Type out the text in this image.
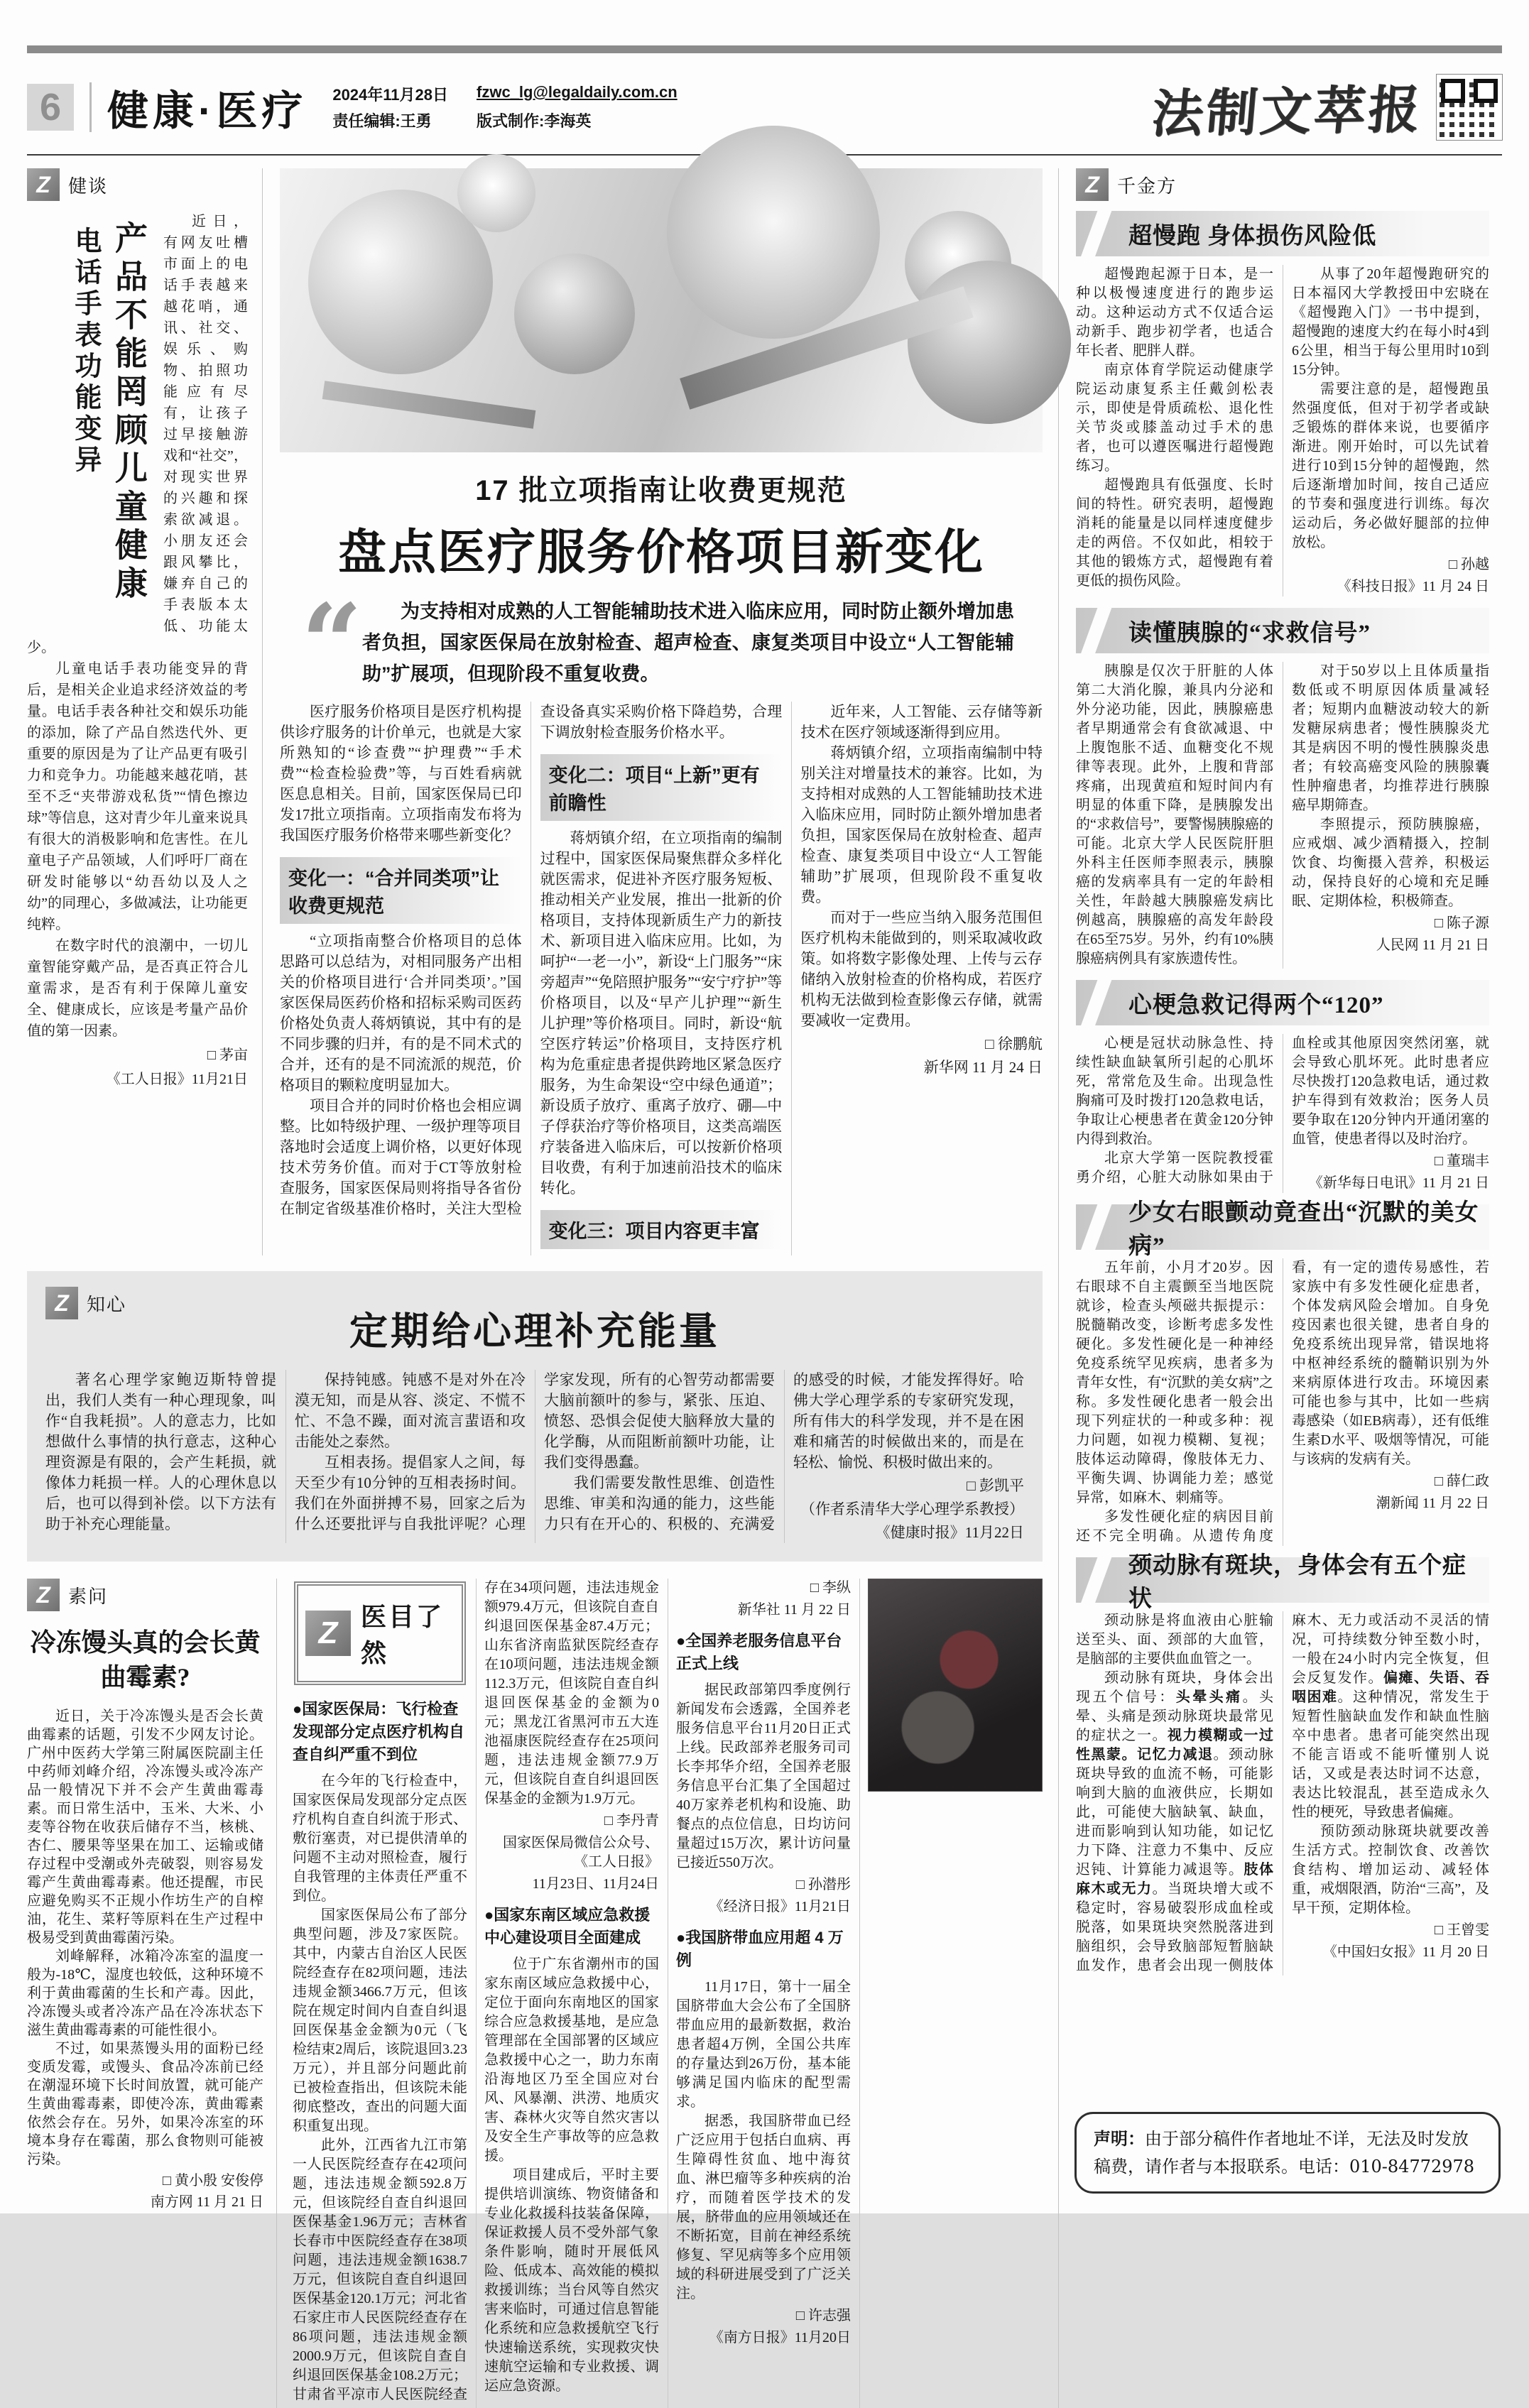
6	健康·医疗 2024年11月28日 fzwc_lg@legaldaily.com.cn
责任编辑:王勇	版式制作:李海英	法制文萃报
Z 健谈
产品不能罔顾儿童健康
电话手表功能变异

近日，有网友吐槽市面上的电话手表越来越花哨，通讯、社交、娱乐、购物、拍照功能应有尽有，让孩子过早接触游戏和“社交”，对现实世界的兴趣和探索欲减退。小朋友还会跟风攀比，嫌弃自己的手表版本太低、功能太少。

儿童电话手表功能变异的背后，是相关企业追求经济效益的考量。电话手表各种社交和娱乐功能的添加，除了产品自然迭代外、更重要的原因是为了让产品更有吸引力和竞争力。功能越来越花哨，甚至不乏“夹带游戏私货”“情色擦边球”等信息，这对青少年儿童来说具有很大的消极影响和危害性。在儿童电子产品领域，人们呼吁厂商在研发时能够以“幼吾幼以及人之幼”的同理心，多做减法，让功能更纯粹。

在数字时代的浪潮中，一切儿童智能穿戴产品，是否真正符合儿童需求，是否有利于保障儿童安全、健康成长，应该是考量产品价值的第一因素。

□ 茅亩
《工人日报》11月21日
17 批立项指南让收费更规范
盘点医疗服务价格项目新变化
“	为支持相对成熟的人工智能辅助技术进入临床应用，同时防止额外增加患者负担，国家医保局在放射检查、超声检查、康复类项目中设立“人工智能辅助”扩展项，但现阶段不重复收费。

医疗服务价格项目是医疗机构提供诊疗服务的计价单元，也就是大家所熟知的“诊查费”“护理费”“手术费”“检查检验费”等，与百姓看病就医息息相关。目前，国家医保局已印发17批立项指南。立项指南发布将为我国医疗服务价格带来哪些新变化？

变化一：“合并同类项”让收费更规范

“立项指南整合价格项目的总体思路可以总结为，对相同服务产出相关的价格项目进行‘合并同类项’。”国家医保局医药价格和招标采购司医药价格处负责人蒋炳镇说，其中有的是不同步骤的归并，有的是不同术式的合并，还有的是不同流派的规范，价格项目的颗粒度明显加大。

项目合并的同时价格也会相应调整。比如特级护理、一级护理等项目落地时会适度上调价格，以更好体现技术劳务价值。而对于CT等放射检查服务，国家医保局则将指导各省份在制定省级基准价格时，关注大型检查设备真实采购价格下降趋势，合理下调放射检查服务价格水平。

变化二：项目“上新”更有前瞻性

蒋炳镇介绍，在立项指南的编制过程中，国家医保局聚焦群众多样化就医需求，促进补齐医疗服务短板、推动相关产业发展，推出一批新的价格项目，支持体现新质生产力的新技术、新项目进入临床应用。比如，为呵护“一老一小”，新设“上门服务”“床旁超声”“免陪照护服务”“安宁疗护”等价格项目，以及“早产儿护理”“新生儿护理”等价格项目。同时，新设“航空医疗转运”价格项目，支持医疗机构为危重症患者提供跨地区紧急医疗服务，为生命架设“空中绿色通道”；新设质子放疗、重离子放疗、硼—中子俘获治疗等价格项目，这类高端医疗装备进入临床后，可以按新价格项目收费，有利于加速前沿技术的临床转化。

变化三：项目内容更丰富

近年来，人工智能、云存储等新技术在医疗领域逐渐得到应用。

蒋炳镇介绍，立项指南编制中特别关注对增量技术的兼容。比如，为支持相对成熟的人工智能辅助技术进入临床应用，同时防止额外增加患者负担，国家医保局在放射检查、超声检查、康复类项目中设立“人工智能辅助”扩展项，但现阶段不重复收费。

而对于一些应当纳入服务范围但医疗机构未能做到的，则采取减收政策。如将数字影像处理、上传与云存储纳入放射检查的价格构成，若医疗机构无法做到检查影像云存储，就需要减收一定费用。

□ 徐鹏航
新华网 11 月 24 日
Z 知心
定期给心理补充能量

著名心理学家鲍迈斯特曾提出，我们人类有一种心理现象，叫作“自我耗损”。人的意志力，比如想做什么事情的执行意志，这种心理资源是有限的，会产生耗损，就像体力耗损一样。人的心理休息以后，也可以得到补偿。以下方法有助于补充心理能量。

保持钝感。钝感不是对外在冷漠无知，而是从容、淡定、不慌不忙、不急不躁，面对流言蜚语和攻击能处之泰然。

互相表扬。提倡家人之间，每天至少有10分钟的互相表扬时间。我们在外面拼搏不易，回家之后为什么还要批评与自我批评呢？心理学家发现，所有的心智劳动都需要大脑前额叶的参与，紧张、压迫、愤怒、恐惧会促使大脑释放大量的化学酶，从而阻断前额叶功能，让我们变得愚蠢。

我们需要发散性思维、创造性思维、审美和沟通的能力，这些能力只有在开心的、积极的、充满爱的感受的时候，才能发挥得好。哈佛大学心理学系的专家研究发现，所有伟大的科学发现，并不是在困难和痛苦的时候做出来的，而是在轻松、愉悦、积极时做出来的。

□ 彭凯平
（作者系清华大学心理学系教授）
《健康时报》11月22日
Z 素问
冷冻馒头真的会长黄曲霉素?

近日，关于冷冻馒头是否会长黄曲霉素的话题，引发不少网友讨论。广州中医药大学第三附属医院副主任中药师刘峰介绍，冷冻馒头或冷冻产品一般情况下并不会产生黄曲霉毒素。而日常生活中，玉米、大米、小麦等谷物在收获后储存不当，核桃、杏仁、腰果等坚果在加工、运输或储存过程中受潮或外壳破裂，则容易发霉产生黄曲霉毒素。他还提醒，市民应避免购买不正规小作坊生产的自榨油，花生、菜籽等原料在生产过程中极易受到黄曲霉菌污染。

刘峰解释，冰箱冷冻室的温度一般为-18℃，湿度也较低，这种环境不利于黄曲霉菌的生长和产毒。因此，冷冻馒头或者冷冻产品在冷冻状态下滋生黄曲霉毒素的可能性很小。

不过，如果蒸馒头用的面粉已经变质发霉，或馒头、食品冷冻前已经在潮湿环境下长时间放置，就可能产生黄曲霉毒素，即使冷冻，黄曲霉素依然会存在。另外，如果冷冻室的环境本身存在霉菌，那么食物则可能被污染。

□ 黄小殷 安俊停
南方网 11 月 21 日
Z 医目了然
●国家医保局：飞行检查发现部分定点医疗机构自查自纠严重不到位

在今年的飞行检查中，国家医保局发现部分定点医疗机构自查自纠流于形式、敷衍塞责，对已提供清单的问题不主动对照检查，履行自我管理的主体责任严重不到位。

国家医保局公布了部分典型问题，涉及7家医院。其中，内蒙古自治区人民医院经查存在82项问题，违法违规金额3466.7万元，但该院在规定时间内自查自纠退回医保基金金额为0元（飞检结束2周后，该院退回3.23万元），并且部分问题此前已被检查指出，但该院未能彻底整改，查出的问题大面积重复出现。

此外，江西省九江市第一人民医院经查存在42项问题，违法违规金额592.8万元，但该院经自查自纠退回医保基金1.96万元；吉林省长春市中医院经查存在38项问题，违法违规金额1638.7万元，但该院自查自纠退回医保基金120.1万元；河北省石家庄市人民医院经查存在86项问题，违法违规金额2000.9万元，但该院自查自纠退回医保基金108.2万元；甘肃省平凉市人民医院经查存在34项问题，违法违规金额979.4万元，但该院自查自纠退回医保基金87.4万元；山东省济南监狱医院经查存在10项问题，违法违规金额112.3万元，但该院自查自纠退回医保基金的金额为0元；黑龙江省黑河市五大连池福康医院经查存在25项问题，违法违规金额77.9万元，但该院自查自纠退回医保基金的金额为1.9万元。

□ 李丹青
国家医保局微信公众号、《工人日报》
11月23日、11月24日
●国家东南区域应急救援中心建设项目全面建成

位于广东省潮州市的国家东南区域应急救援中心，定位于面向东南地区的国家综合应急救援基地，是应急管理部在全国部署的区域应急救援中心之一，助力东南沿海地区乃至全国应对台风、风暴潮、洪涝、地质灾害、森林火灾等自然灾害以及安全生产事故等的应急救援。

项目建成后，平时主要提供培训演练、物资储备和专业化救援科技装备保障，保证救援人员不受外部气象条件影响，随时开展低风险、低成本、高效能的模拟救援训练；当台风等自然灾害来临时，可通过信息智能化系统和应急救援航空飞行快速输送系统，实现救灾快速航空运输和专业救援、调运应急资源。

□ 李纵
新华社 11 月 22 日
●全国养老服务信息平台正式上线

据民政部第四季度例行新闻发布会透露，全国养老服务信息平台11月20日正式上线。民政部养老服务司司长李邦华介绍，全国养老服务信息平台汇集了全国超过40万家养老机构和设施、助餐点的点位信息，日均访问量超过15万次，累计访问量已接近550万次。

□ 孙潜彤
《经济日报》11月21日
●我国脐带血应用超 4 万例

11月17日，第十一届全国脐带血大会公布了全国脐带血应用的最新数据，救治患者超4万例，全国公共库的存量达到26万份，基本能够满足国内临床的配型需求。

据悉，我国脐带血已经广泛应用于包括白血病、再生障碍性贫血、地中海贫血、淋巴瘤等多种疾病的治疗，而随着医学技术的发展，脐带血的应用领域还在不断拓宽，目前在神经系统修复、罕见病等多个应用领域的科研进展受到了广泛关注。

□ 许志强
《南方日报》11月20日
Z 千金方
超慢跑 身体损伤风险低

超慢跑起源于日本，是一种以极慢速度进行的跑步运动。这种运动方式不仅适合运动新手、跑步初学者，也适合年长者、肥胖人群。

南京体育学院运动健康学院运动康复系主任戴剑松表示，即使是骨质疏松、退化性关节炎或膝盖动过手术的患者，也可以遵医嘱进行超慢跑练习。

超慢跑具有低强度、长时间的特性。研究表明，超慢跑消耗的能量是以同样速度健步走的两倍。不仅如此，相较于其他的锻炼方式，超慢跑有着更低的损伤风险。

从事了20年超慢跑研究的日本福冈大学教授田中宏晓在《超慢跑入门》一书中提到，超慢跑的速度大约在每小时4到6公里，相当于每公里用时10到15分钟。

需要注意的是，超慢跑虽然强度低，但对于初学者或缺乏锻炼的群体来说，也要循序渐进。刚开始时，可以先试着进行10到15分钟的超慢跑，然后逐渐增加时间，按自己适应的节奏和强度进行训练。每次运动后，务必做好腿部的拉伸放松。

□ 孙越
《科技日报》11 月 24 日
读懂胰腺的“求救信号”

胰腺是仅次于肝脏的人体第二大消化腺，兼具内分泌和外分泌功能，因此，胰腺癌患者早期通常会有食欲减退、中上腹饱胀不适、血糖变化不规律等表现。此外，上腹和背部疼痛，出现黄疸和短时间内有明显的体重下降，是胰腺发出的“求救信号”，要警惕胰腺癌的可能。北京大学人民医院肝胆外科主任医师李照表示，胰腺癌的发病率具有一定的年龄相关性，年龄越大胰腺癌发病比例越高，胰腺癌的高发年龄段在65至75岁。另外，约有10%胰腺癌病例具有家族遗传性。

对于50岁以上且体质量指数低或不明原因体质量减轻者；短期内血糖波动较大的新发糖尿病患者；慢性胰腺炎尤其是病因不明的慢性胰腺炎患者；有较高癌变风险的胰腺囊性肿瘤患者，均推荐进行胰腺癌早期筛查。

李照提示，预防胰腺癌，应戒烟、减少酒精摄入，控制饮食、均衡摄入营养，积极运动，保持良好的心境和充足睡眠、定期体检，积极筛查。

□ 陈子源
人民网 11 月 21 日
心梗急救记得两个“120”

心梗是冠状动脉急性、持续性缺血缺氧所引起的心肌坏死，常常危及生命。出现急性胸痛可及时拨打120急救电话，争取让心梗患者在黄金120分钟内得到救治。

北京大学第一医院教授霍勇介绍，心脏大动脉如果由于血栓或其他原因突然闭塞，就会导致心肌坏死。此时患者应尽快拨打120急救电话，通过救护车得到有效救治；医务人员要争取在120分钟内开通闭塞的血管，使患者得以及时治疗。

□ 董瑞丰
《新华每日电讯》11 月 21 日
少女右眼颤动竟查出“沉默的美女病”

五年前，小月才20岁。因右眼球不自主震颤至当地医院就诊，检查头颅磁共振提示：脱髓鞘改变，诊断考虑多发性硬化。多发性硬化是一种神经免疫系统罕见疾病，患者多为青年女性，有“沉默的美女病”之称。多发性硬化患者一般会出现下列症状的一种或多种：视力问题，如视力模糊、复视；肢体运动障碍，像肢体无力、平衡失调、协调能力差；感觉异常，如麻木、刺痛等。

多发性硬化症的病因目前还不完全明确。从遗传角度看，有一定的遗传易感性，若家族中有多发性硬化症患者，个体发病风险会增加。自身免疫因素也很关键，患者自身的免疫系统出现异常，错误地将中枢神经系统的髓鞘识别为外来病原体进行攻击。环境因素可能也参与其中，比如一些病毒感染（如EB病毒），还有低维生素D水平、吸烟等情况，可能与该病的发病有关。

□ 薛仁政
潮新闻 11 月 22 日
颈动脉有斑块，身体会有五个症状

颈动脉是将血液由心脏输送至头、面、颈部的大血管，是脑部的主要供血血管之一。

颈动脉有斑块，身体会出现五个信号：头晕头痛。头晕、头痛是颈动脉斑块最常见的症状之一。视力模糊或一过性黑蒙。记忆力减退。颈动脉斑块导致的血流不畅，可能影响到大脑的血液供应，长期如此，可能使大脑缺氧、缺血，进而影响到认知功能，如记忆力下降、注意力不集中、反应迟钝、计算能力减退等。肢体麻木或无力。当斑块增大或不稳定时，容易破裂形成血栓或脱落，如果斑块突然脱落进到脑组织，会导致脑部短暂脑缺血发作，患者会出现一侧肢体麻木、无力或活动不灵活的情况，可持续数分钟至数小时，一般在24小时内完全恢复，但会反复发作。偏瘫、失语、吞咽困难。这种情况，常发生于短暂性脑缺血发作和缺血性脑卒中患者。患者可能突然出现不能言语或不能听懂别人说话，又或是表达时词不达意，表达比较混乱，甚至造成永久性的梗死，导致患者偏瘫。

预防颈动脉斑块就要改善生活方式。控制饮食、改善饮食结构、增加运动、减轻体重，戒烟限酒，防治“三高”，及早干预，定期体检。

□ 王曾雯
《中国妇女报》11 月 20 日
声明：由于部分稿件作者地址不详，无法及时发放稿费，请作者与本报联系。电话：010-84772978
